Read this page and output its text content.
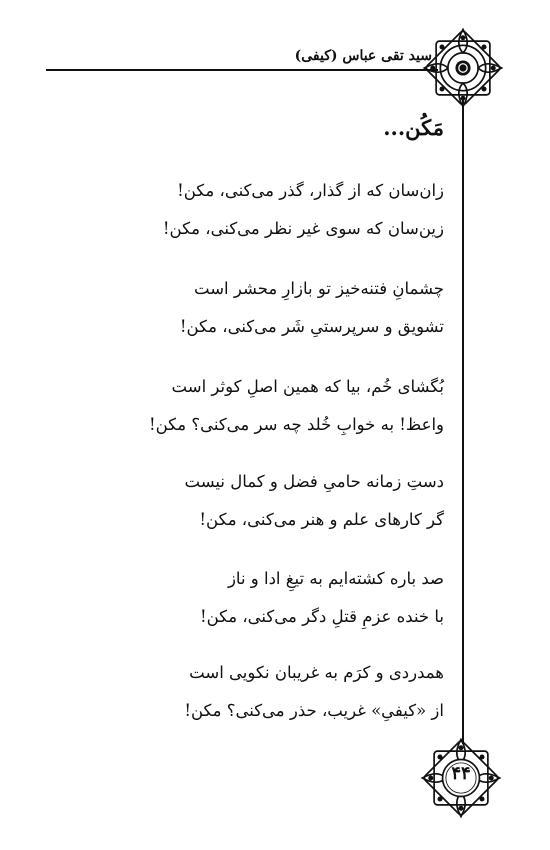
سید تقی عباس (کیفی)
۴۴
مَکُن...
زان‌سان که از گذار، گذر می‌کنی، مکن!
زین‌سان که سوی غیر نظر می‌کنی، مکن!
چشمانِ فتنه‌خیز تو بازارِ محشر است
تشویق و سرپرستیِ شَر می‌کنی، مکن!
بُگشای خُم، بیا که همین اصلِ کوثر است
واعظ! به خوابِ خُلد چه سر می‌کنی؟ مکن!
دستِ زمانه حامیِ فضل و کمال نیست
گر کارهای علم و هنر می‌کنی، مکن!
صد باره کشته‌ایم به تیغِ ادا و ناز
با خنده عزمِ قتلِ دگر می‌کنی، مکن!
همدردی و کرَم به غریبان نکویی است
از «کیفیِ» غریب، حذر می‌کنی؟ مکن!
